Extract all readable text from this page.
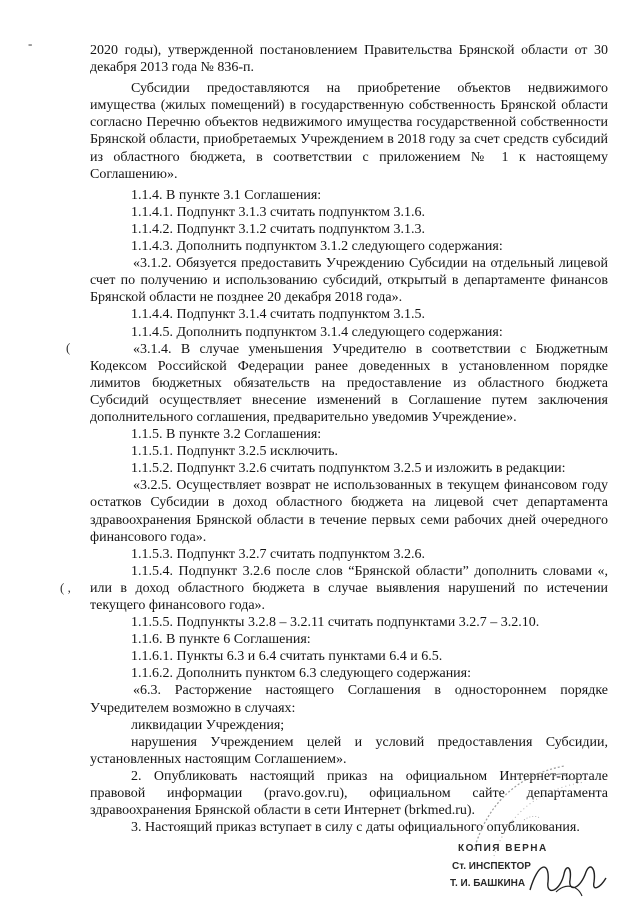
‐
(
( ,

2020 годы), утвержденной постановлением Правительства Брянской области от 30 декабря 2013 года № 836-п.

Субсидии предоставляются на приобретение объектов недвижимого имущества (жилых помещений) в государственную собственность Брянской области согласно Перечню объектов недвижимого имущества государственной собственности Брянской области, приобретаемых Учреждением в 2018 году за счет средств субсидий из областного бюджета, в соответствии с приложением № 1 к настоящему Соглашению».

1.1.4. В пункте 3.1 Соглашения:

1.1.4.1. Подпункт 3.1.3 считать подпунктом 3.1.6.

1.1.4.2. Подпункт 3.1.2 считать подпунктом 3.1.3.

1.1.4.3. Дополнить подпунктом 3.1.2 следующего содержания:

«3.1.2. Обязуется предоставить Учреждению Субсидии на отдельный лицевой счет по получению и использованию субсидий, открытый в департаменте финансов Брянской области не позднее 20 декабря 2018 года».

1.1.4.4. Подпункт 3.1.4 считать подпунктом 3.1.5.

1.1.4.5. Дополнить подпунктом 3.1.4 следующего содержания:

«3.1.4. В случае уменьшения Учредителю в соответствии с Бюджетным Кодексом Российской Федерации ранее доведенных в установленном порядке лимитов бюджетных обязательств на предоставление из областного бюджета Субсидий осуществляет внесение изменений в Соглашение путем заключения дополнительного соглашения, предварительно уведомив Учреждение».

1.1.5. В пункте 3.2 Соглашения:

1.1.5.1. Подпункт 3.2.5 исключить.

1.1.5.2. Подпункт 3.2.6 считать подпунктом 3.2.5 и изложить в редакции:

«3.2.5. Осуществляет возврат не использованных в текущем финансовом году остатков Субсидии в доход областного бюджета на лицевой счет департамента здравоохранения Брянской области в течение первых семи рабочих дней очередного финансового года».

1.1.5.3. Подпункт 3.2.7 считать подпунктом 3.2.6.

1.1.5.4. Подпункт 3.2.6 после слов “Брянской области” дополнить словами «, или в доход областного бюджета в случае выявления нарушений по истечении текущего финансового года».

1.1.5.5. Подпункты 3.2.8 – 3.2.11 считать подпунктами 3.2.7 – 3.2.10.

1.1.6. В пункте 6 Соглашения:

1.1.6.1. Пункты 6.3 и 6.4 считать пунктами 6.4 и 6.5.

1.1.6.2. Дополнить пунктом 6.3 следующего содержания:

«6.3. Расторжение настоящего Соглашения в одностороннем порядке Учредителем возможно в случаях:

ликвидации Учреждения;

нарушения Учреждением целей и условий предоставления Субсидии, установленных настоящим Соглашением».

2. Опубликовать настоящий приказ на официальном Интернет-портале правовой информации (pravo.gov.ru), официальном сайте департамента здравоохранения Брянской области в сети Интернет (brkmed.ru).

3. Настоящий приказ вступает в силу с даты официального опубликования.

КОПИЯ ВЕРНА
Ст. ИНСПЕКТОР
Т. И. БАШКИНА
